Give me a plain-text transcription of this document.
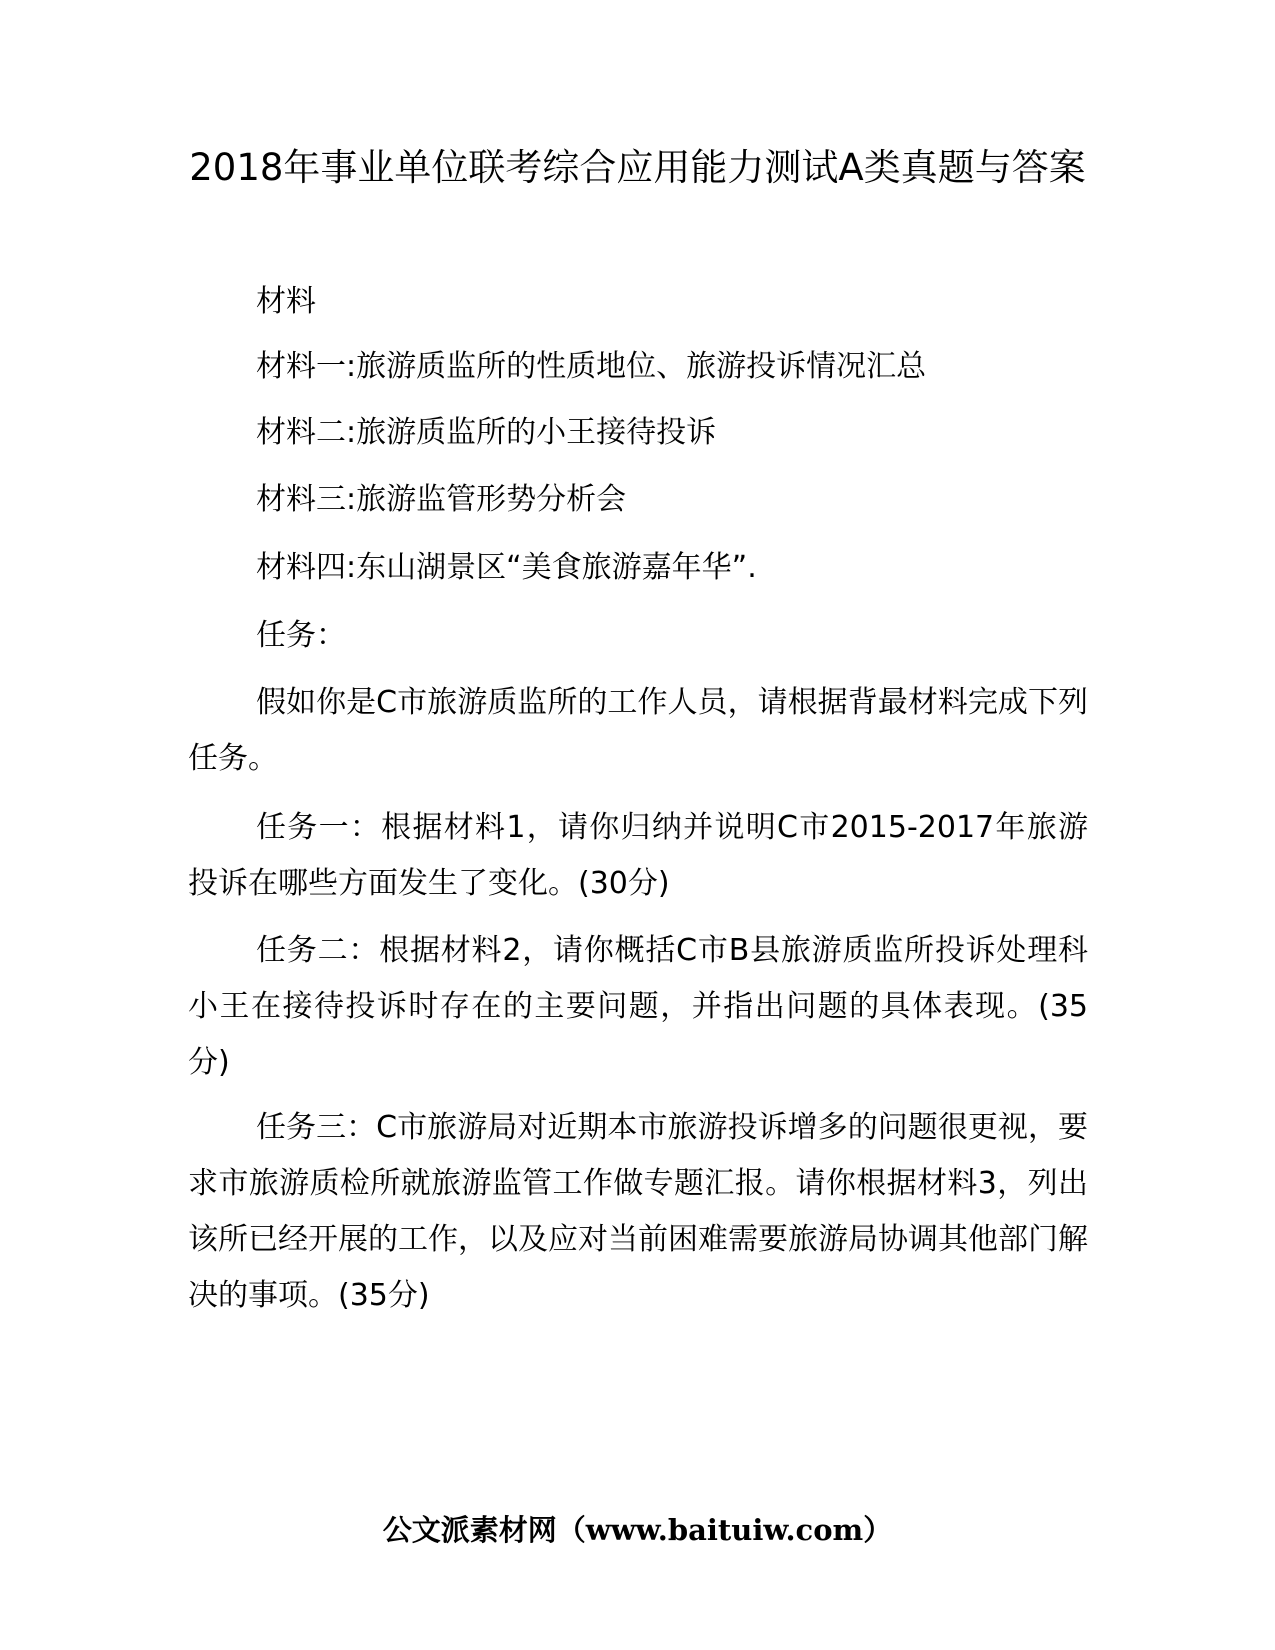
2018年事业单位联考综合应用能力测试A类真题与答案

材料

材料一:旅游质监所的性质地位、旅游投诉情况汇总

材料二:旅游质监所的小王接待投诉

材料三:旅游监管形势分析会

材料四:东山湖景区“美食旅游嘉年华”.

任务：

假如你是C市旅游质监所的工作人员，请根据背最材料完成下列任务。

任务一：根据材料1，请你归纳并说明C市2015-2017年旅游投诉在哪些方面发生了变化。(30分)

任务二：根据材料2，请你概括C市B县旅游质监所投诉处理科小王在接待投诉时存在的主要问题，并指出问题的具体表现。(35分)

任务三：C市旅游局对近期本市旅游投诉增多的问题很更视，要求市旅游质检所就旅游监管工作做专题汇报。请你根据材料3，列出该所已经开展的工作，以及应对当前困难需要旅游局协调其他部门解决的事项。(35分)

公文派素材网（www.baituiw.com）
